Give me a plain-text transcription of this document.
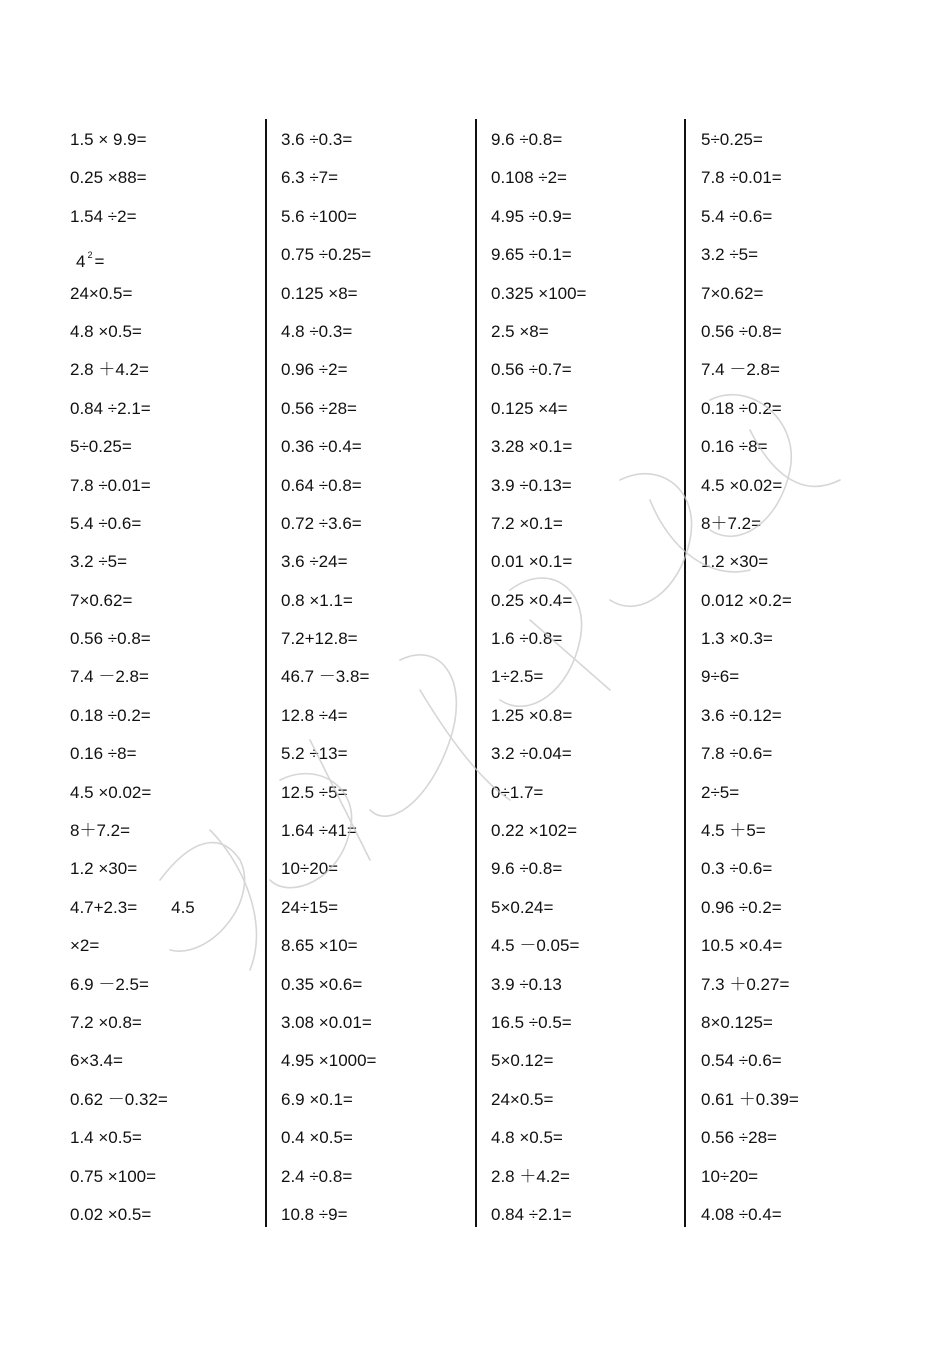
1.5 × 9.9=
0.25 ×88=
1.54 ÷2=
4 $^2$ =
24×0.5=
4.8 ×0.5=
2.8 ＋4.2=
0.84 ÷2.1=
5÷0.25=
7.8 ÷0.01=
5.4 ÷0.6=
3.2 ÷5=
7×0.62=
0.56 ÷0.8=
7.4 －2.8=
0.18 ÷0.2=
0.16 ÷8=
4.5 ×0.02=
8＋7.2=
1.2 ×30=
4.7+2.3= 4.5
×2=
6.9 －2.5=
7.2 ×0.8=
6×3.4=
0.62 －0.32=
1.4 ×0.5=
0.75 ×100=
0.02 ×0.5=
3.6 ÷0.3=
6.3 ÷7=
5.6 ÷100=
0.75 ÷0.25=
0.125 ×8=
4.8 ÷0.3=
0.96 ÷2=
0.56 ÷28=
0.36 ÷0.4=
0.64 ÷0.8=
0.72 ÷3.6=
3.6 ÷24=
0.8 ×1.1=
7.2+12.8=
46.7 －3.8=
12.8 ÷4=
5.2 ÷13=
12.5 ÷5=
1.64 ÷41=
10÷20=
24÷15=
8.65 ×10=
0.35 ×0.6=
3.08 ×0.01=
4.95 ×1000=
6.9 ×0.1=
0.4 ×0.5=
2.4 ÷0.8=
10.8 ÷9=
9.6 ÷0.8=
0.108 ÷2=
4.95 ÷0.9=
9.65 ÷0.1=
0.325 ×100=
2.5 ×8=
0.56 ÷0.7=
0.125 ×4=
3.28 ×0.1=
3.9 ÷0.13=
7.2 ×0.1=
0.01 ×0.1=
0.25 ×0.4=
1.6 ÷0.8=
1÷2.5=
1.25 ×0.8=
3.2 ÷0.04=
0÷1.7=
0.22 ×102=
9.6 ÷0.8=
5×0.24=
4.5 －0.05=
3.9 ÷0.13
16.5 ÷0.5=
5×0.12=
24×0.5=
4.8 ×0.5=
2.8 ＋4.2=
0.84 ÷2.1=
5÷0.25=
7.8 ÷0.01=
5.4 ÷0.6=
3.2 ÷5=
7×0.62=
0.56 ÷0.8=
7.4 －2.8=
0.18 ÷0.2=
0.16 ÷8=
4.5 ×0.02=
8＋7.2=
1.2 ×30=
0.012 ×0.2=
1.3 ×0.3=
9÷6=
3.6 ÷0.12=
7.8 ÷0.6=
2÷5=
4.5 ＋5=
0.3 ÷0.6=
0.96 ÷0.2=
10.5 ×0.4=
7.3 ＋0.27=
8×0.125=
0.54 ÷0.6=
0.61 ＋0.39=
0.56 ÷28=
10÷20=
4.08 ÷0.4=
